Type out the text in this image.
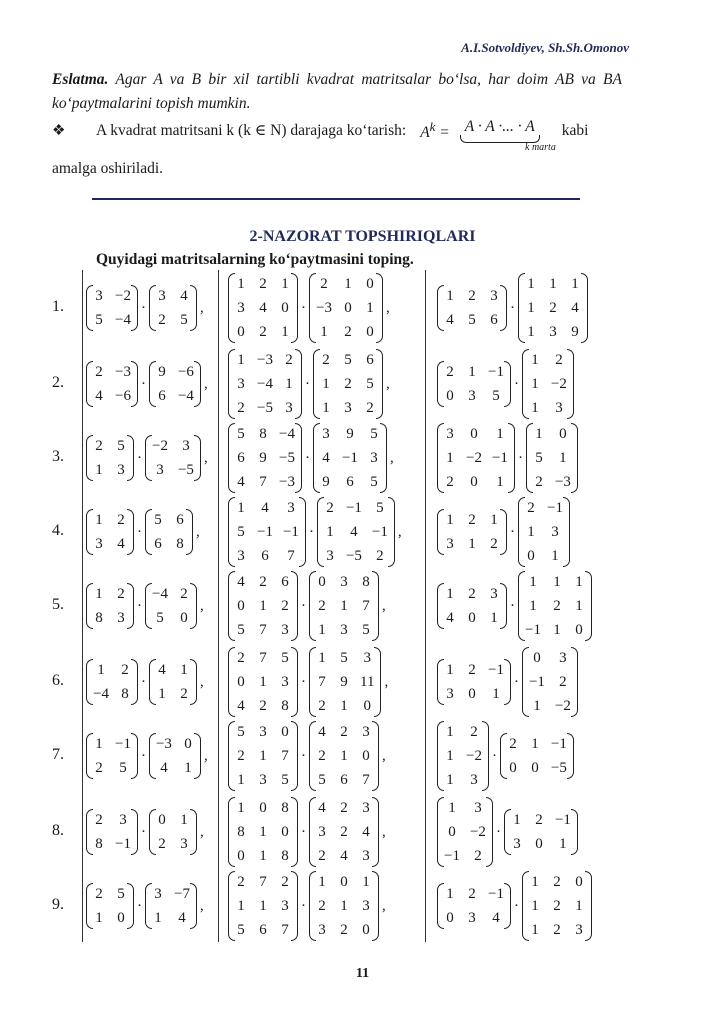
A.I.Sotvoldiyev, Sh.Sh.Omonov
Eslatma. Agar A va B bir xil tartibli kvadrat matritsalar bo‘lsa, har doim AB va BA ko‘paytmalarini topish mumkin.
❖	A kvadrat matritsani k (k ∈ N) darajaga ko‘tarish: $A^k = A \cdot A$ ·... · A kabi
k marta
amalga oshiriladi.
2-NAZORAT TOPSHIRIQLARI
Quyidagi matritsalarning ko‘paytmasini toping.
1.
3 −2
5 −4
·
3 4
2 5
,
1 2 1
3 4 0
0 2 1
·
2 1 0
−3 0 1
1 2 0
,
1 2 3
4 5 6
·
1 1 1
1 2 4
1 3 9
2.
2 −3
4 −6
·
9 −6
6 −4
,
1 −3 2
3 −4 1
2 −5 3
·
2 5 6
1 2 5
1 3 2
,
2 1 −1
0 3 5
·
1 2
1 −2
1 3
3.
2 5
1 3
·
−2 3
3 −5
,
5 8 −4
6 9 −5
4 7 −3
·
3 9 5
4 −1 3
9 6 5
,
3 0 1
1 −2 −1
2 0 1
·
1 0
5 1
2 −3
4.
1 2
3 4
·
5 6
6 8
,
1 4 3
5 −1 −1
3 6 7
·
2 −1 5
1 4 −1
3 −5 2
,
1 2 1
3 1 2
·
2 −1
1 3
0 1
5.
1 2
8 3
·
−4 2
5 0
,
4 2 6
0 1 2
5 7 3
·
0 3 8
2 1 7
1 3 5
,
1 2 3
4 0 1
·
1 1 1
1 2 1
−1 1 0
6.
1 2
−4 8
·
4 1
1 2
,
2 7 5
0 1 3
4 2 8
·
1 5 3
7 9 11
2 1 0
,
1 2 −1
3 0 1
·
0 3
−1 2
1 −2
7.
1 −1
2 5
·
−3 0
4 1
,
5 3 0
2 1 7
1 3 5
·
4 2 3
2 1 0
5 6 7
,
1 2
1 −2
1 3
·
2 1 −1
0 0 −5
8.
2 3
8 −1
·
0 1
2 3
,
1 0 8
8 1 0
0 1 8
·
4 2 3
3 2 4
2 4 3
,
1 3
0 −2
−1 2
·
1 2 −1
3 0 1
9.
2 5
1 0
·
3 −7
1 4
,
2 7 2
1 1 3
5 6 7
·
1 0 1
2 1 3
3 2 0
,
1 2 −1
0 3 4
·
1 2 0
1 2 1
1 2 3
11
